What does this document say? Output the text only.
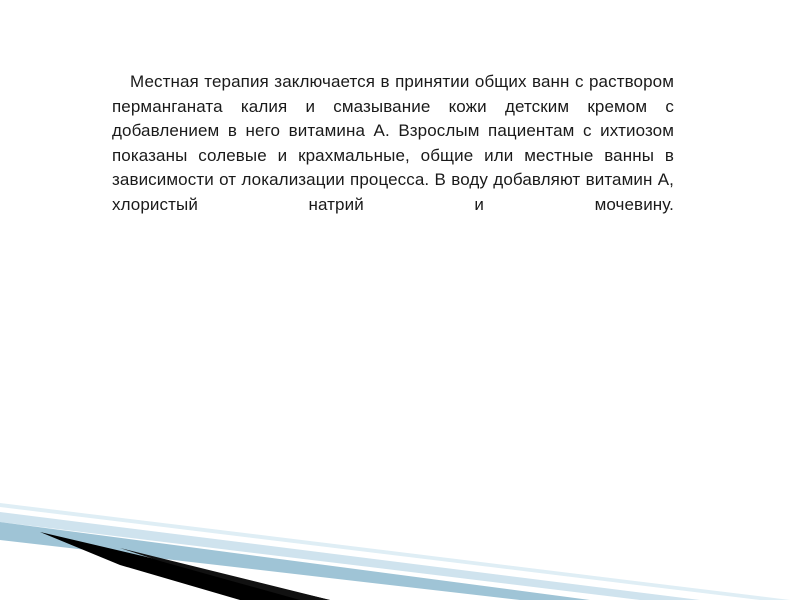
Местная терапия заключается в принятии общих ванн с раствором перманганата калия и смазывание кожи детским кремом с добавлением в него витамина А. Взрослым пациентам с ихтиозом показаны солевые и крахмальные, общие или местные ванны в зависимости от локализации процесса. В воду добавляют витамин А, хлористый натрий и мочевину.
